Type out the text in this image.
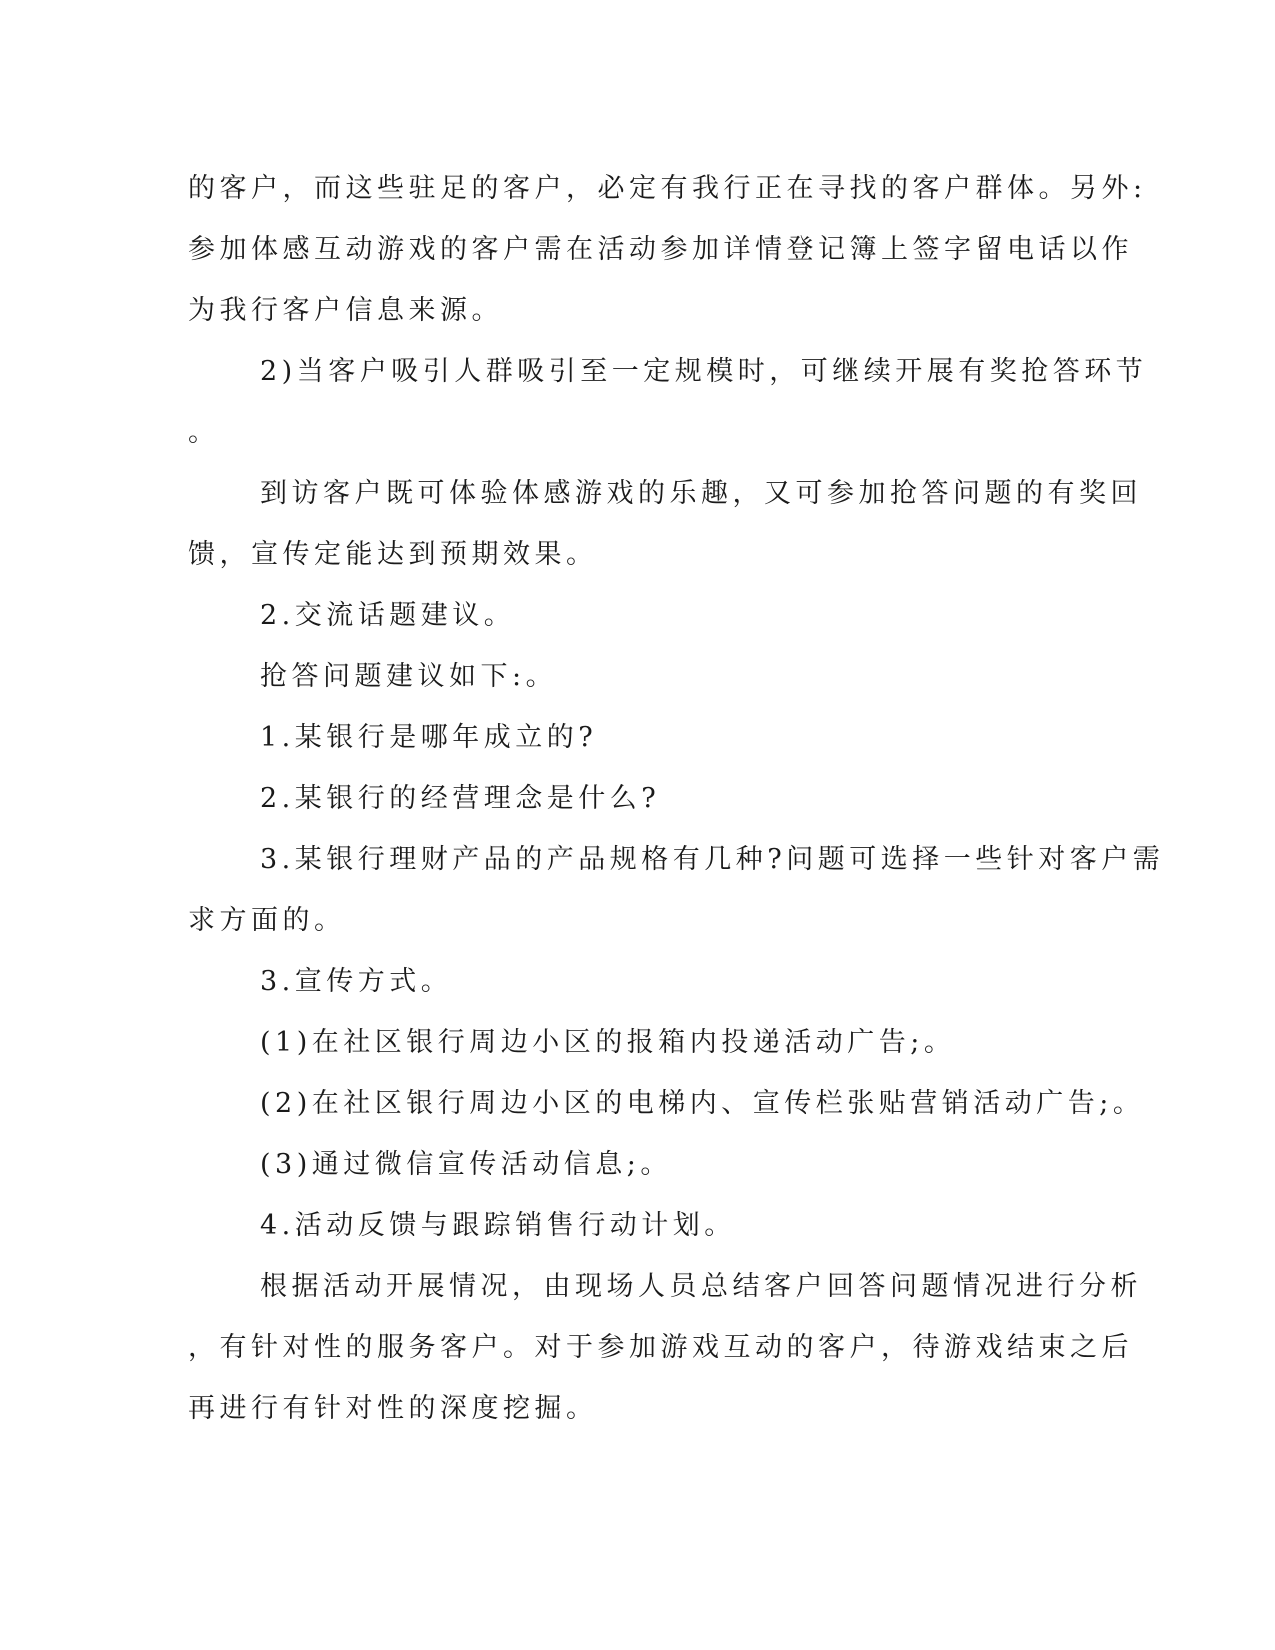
的客户，而这些驻足的客户，必定有我行正在寻找的客户群体。另外:
参加体感互动游戏的客户需在活动参加详情登记簿上签字留电话以作
为我行客户信息来源。
2)当客户吸引人群吸引至一定规模时，可继续开展有奖抢答环节
。
到访客户既可体验体感游戏的乐趣，又可参加抢答问题的有奖回
馈，宣传定能达到预期效果。
2.交流话题建议。
抢答问题建议如下:。
1.某银行是哪年成立的?
2.某银行的经营理念是什么?
3.某银行理财产品的产品规格有几种?问题可选择一些针对客户需
求方面的。
3.宣传方式。
(1)在社区银行周边小区的报箱内投递活动广告;。
(2)在社区银行周边小区的电梯内、宣传栏张贴营销活动广告;。
(3)通过微信宣传活动信息;。
4.活动反馈与跟踪销售行动计划。
根据活动开展情况，由现场人员总结客户回答问题情况进行分析
，有针对性的服务客户。对于参加游戏互动的客户，待游戏结束之后
再进行有针对性的深度挖掘。
